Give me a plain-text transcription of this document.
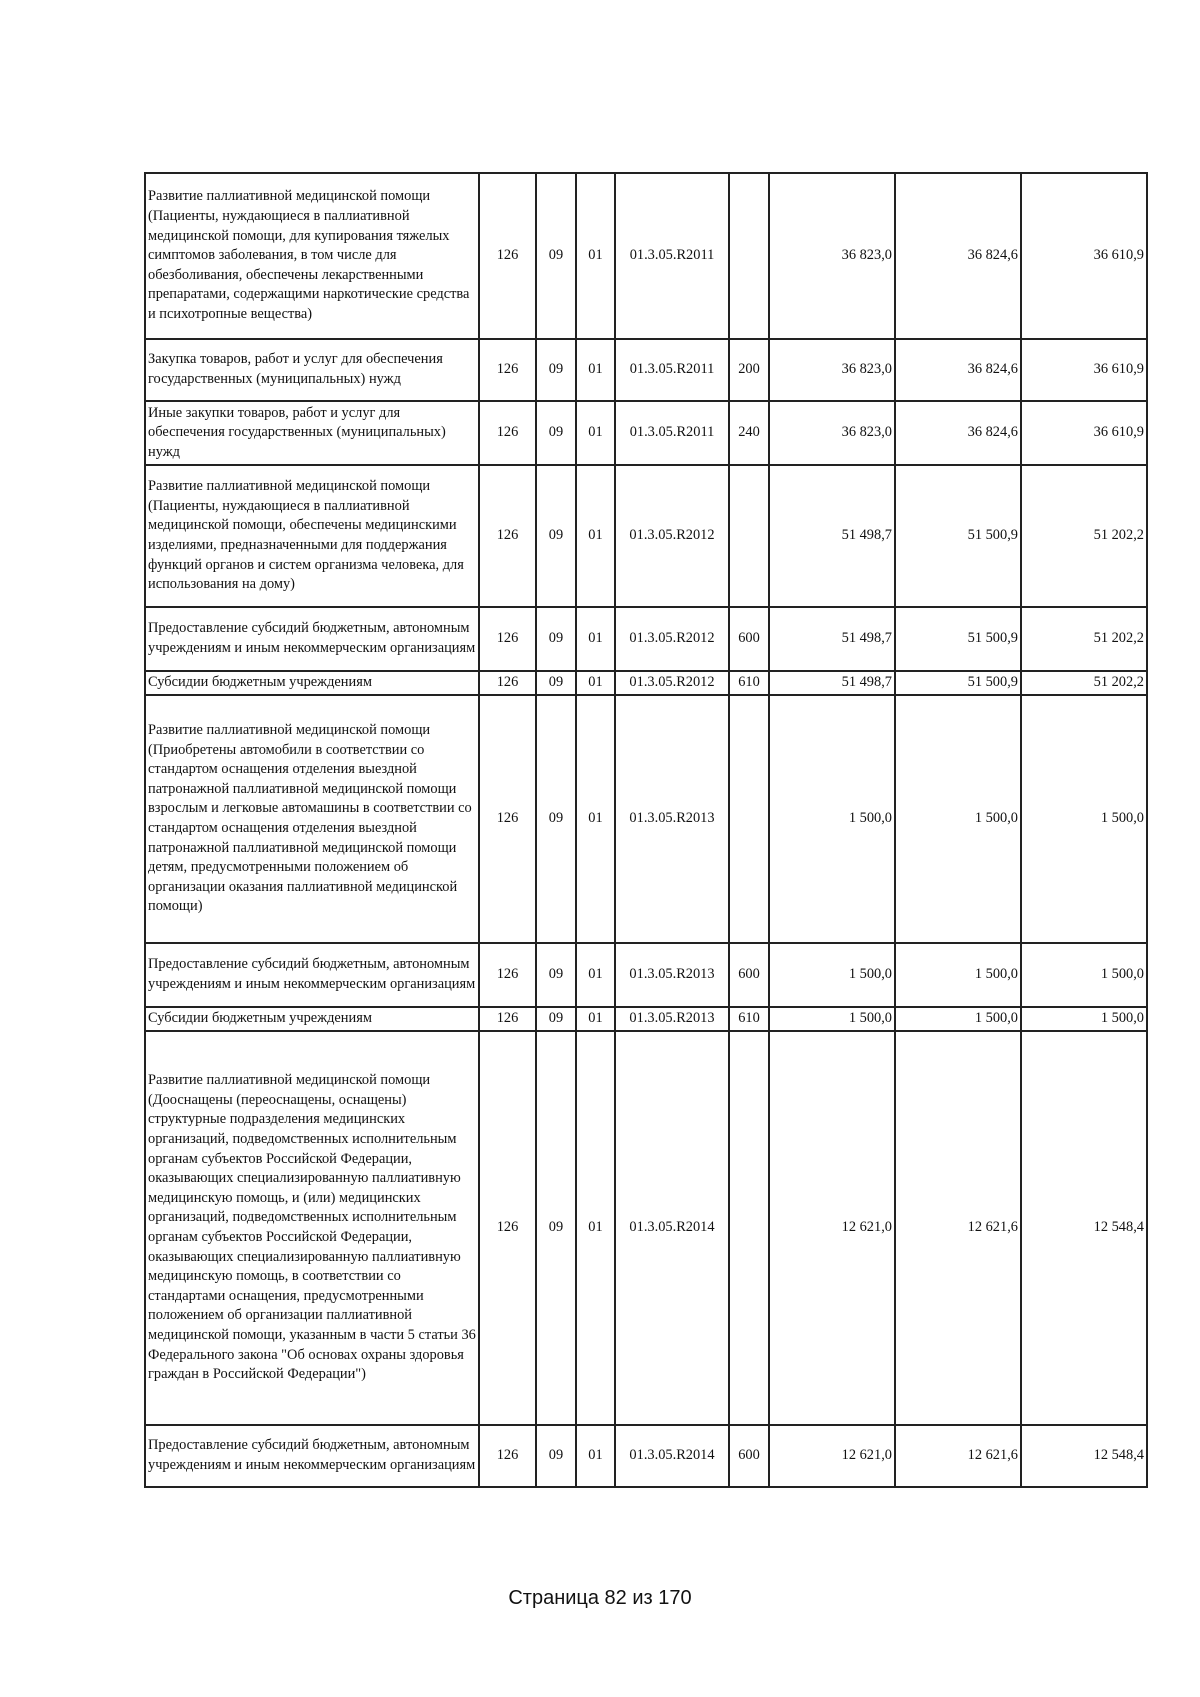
Развитие паллиативной медицинской помощи (Пациенты, нуждающиеся в паллиативной медицинской помощи, для купирования тяжелых симптомов заболевания, в том числе для обезболивания, обеспечены лекарственными препаратами, содержащими наркотические средства и психотропные вещества)	126	09	01	01.3.05.R2011		36 823,0	36 824,6	36 610,9
Закупка товаров, работ и услуг для обеспечения государственных (муниципальных) нужд	126	09	01	01.3.05.R2011	200	36 823,0	36 824,6	36 610,9
Иные закупки товаров, работ и услуг для обеспечения государственных (муниципальных) нужд	126	09	01	01.3.05.R2011	240	36 823,0	36 824,6	36 610,9
Развитие паллиативной медицинской помощи (Пациенты, нуждающиеся в паллиативной медицинской помощи, обеспечены медицинскими изделиями, предназначенными для поддержания функций органов и систем организма человека, для использования на дому)	126	09	01	01.3.05.R2012		51 498,7	51 500,9	51 202,2
Предоставление субсидий бюджетным, автономным учреждениям и иным некоммерческим организациям	126	09	01	01.3.05.R2012	600	51 498,7	51 500,9	51 202,2
Субсидии бюджетным учреждениям	126	09	01	01.3.05.R2012	610	51 498,7	51 500,9	51 202,2
Развитие паллиативной медицинской помощи (Приобретены автомобили в соответствии со стандартом оснащения отделения выездной патронажной паллиативной медицинской помощи взрослым и легковые автомашины в соответствии со стандартом оснащения отделения выездной патронажной паллиативной медицинской помощи детям, предусмотренными положением об организации оказания паллиативной медицинской помощи)	126	09	01	01.3.05.R2013		1 500,0	1 500,0	1 500,0
Предоставление субсидий бюджетным, автономным учреждениям и иным некоммерческим организациям	126	09	01	01.3.05.R2013	600	1 500,0	1 500,0	1 500,0
Субсидии бюджетным учреждениям	126	09	01	01.3.05.R2013	610	1 500,0	1 500,0	1 500,0
Развитие паллиативной медицинской помощи (Дооснащены (переоснащены, оснащены) структурные подразделения медицинских организаций, подведомственных исполнительным органам субъектов Российской Федерации, оказывающих специализированную паллиативную медицинскую помощь, и (или) медицинских организаций, подведомственных исполнительным органам субъектов Российской Федерации, оказывающих специализированную паллиативную медицинскую помощь, в соответствии со стандартами оснащения, предусмотренными положением об организации паллиативной медицинской помощи, указанным в части 5 статьи 36 Федерального закона "Об основах охраны здоровья граждан в Российской Федерации")	126	09	01	01.3.05.R2014		12 621,0	12 621,6	12 548,4
Предоставление субсидий бюджетным, автономным учреждениям и иным некоммерческим организациям	126	09	01	01.3.05.R2014	600	12 621,0	12 621,6	12 548,4
Страница 82 из 170
